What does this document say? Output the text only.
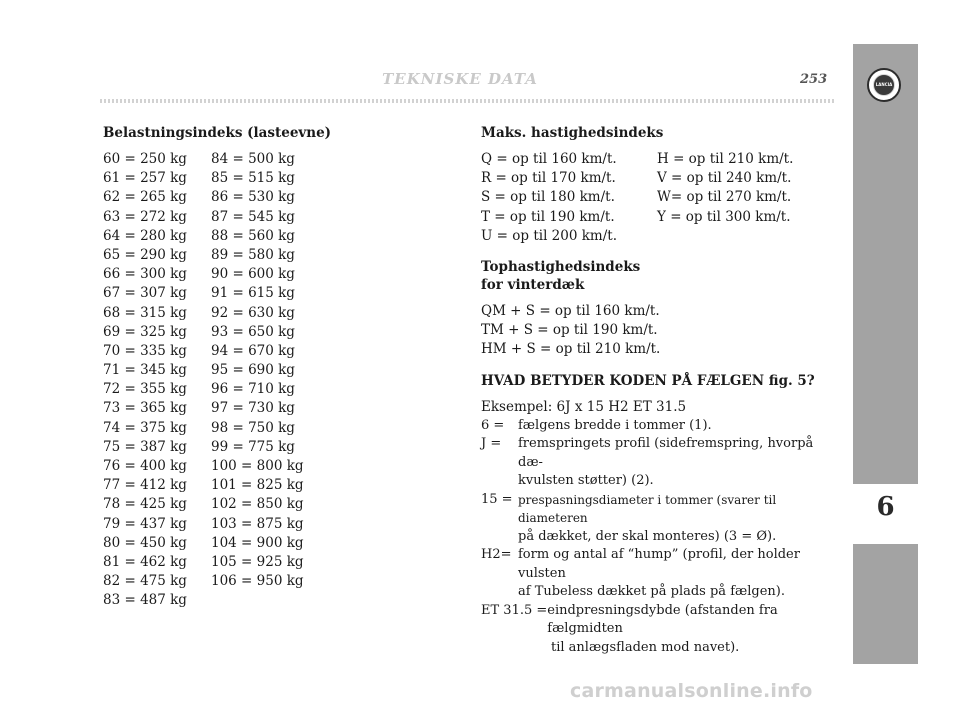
TEKNISKE DATA	253	LANCIA
6
Belastningsindeks (lasteevne)
60 = 250 kg	84 = 500 kg
61 = 257 kg	85 = 515 kg
62 = 265 kg	86 = 530 kg
63 = 272 kg	87 = 545 kg
64 = 280 kg	88 = 560 kg
65 = 290 kg	89 = 580 kg
66 = 300 kg	90 = 600 kg
67 = 307 kg	91 = 615 kg
68 = 315 kg	92 = 630 kg
69 = 325 kg	93 = 650 kg
70 = 335 kg	94 = 670 kg
71 = 345 kg	95 = 690 kg
72 = 355 kg	96 = 710 kg
73 = 365 kg	97 = 730 kg
74 = 375 kg	98 = 750 kg
75 = 387 kg	99 = 775 kg
76 = 400 kg	100 = 800 kg
77 = 412 kg	101 = 825 kg
78 = 425 kg	102 = 850 kg
79 = 437 kg	103 = 875 kg
80 = 450 kg	104 = 900 kg
81 = 462 kg	105 = 925 kg
82 = 475 kg	106 = 950 kg
83 = 487 kg
Maks. hastighedsindeks
Q = op til 160 km/t.	H = op til 210 km/t.
R = op til 170 km/t.	V = op til 240 km/t.
S = op til 180 km/t.	W= op til 270 km/t.
T = op til 190 km/t.	Y = op til 300 km/t.
U = op til 200 km/t.
Tophastighedsindeks
for vinterdæk
QM + S = op til 160 km/t.
TM + S = op til 190 km/t.
HM + S = op til 210 km/t.
HVAD BETYDER KODEN PÅ FÆLGEN fig. 5?
Eksempel: 6J x 15 H2 ET 31.5
6 =	fælgens bredde i tommer (1).
J =	fremspringets profil (sidefremspring, hvorpå dæ-
kvulsten støtter) (2).
15 = prespasningsdiameter i tommer (svarer til diameteren
på dækket, der skal monteres) (3 = Ø).
H2= form og antal af “hump” (profil, der holder vulsten
af Tubeless dækket på plads på fælgen).
ET 31.5 = eindpresningsdybde (afstanden fra fælgmidten
til anlægsfladen mod navet).
carmanualsonline.info
